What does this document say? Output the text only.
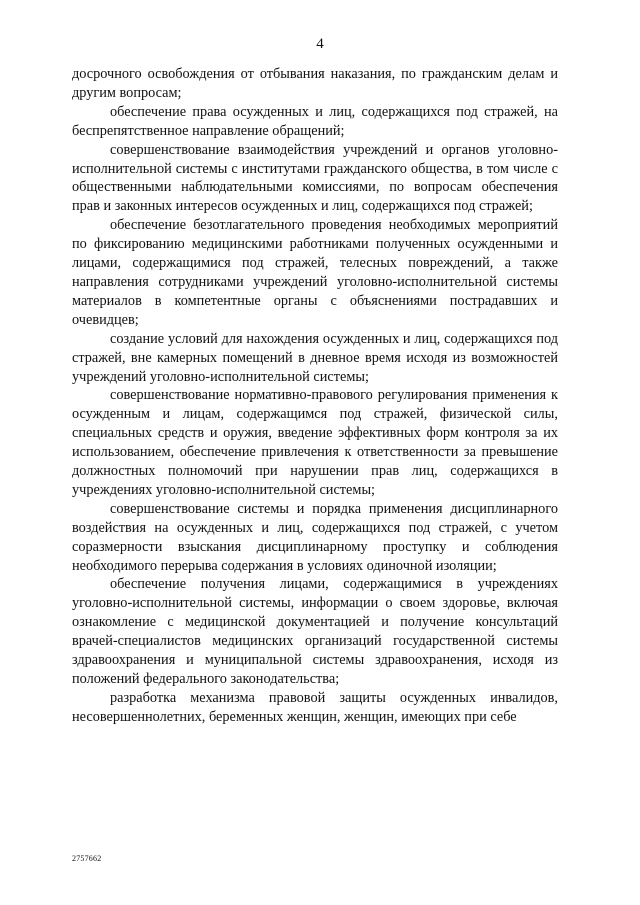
4

досрочного освобождения от отбывания наказания, по гражданским делам и другим вопросам;

обеспечение права осужденных и лиц, содержащихся под стражей, на беспрепятственное направление обращений;

совершенствование взаимодействия учреждений и органов уголовно-исполнительной системы с институтами гражданского общества, в том числе с общественными наблюдательными комиссиями, по вопросам обеспечения прав и законных интересов осужденных и лиц, содержащихся под стражей;

обеспечение безотлагательного проведения необходимых мероприятий по фиксированию медицинскими работниками полученных осужденными и лицами, содержащимися под стражей, телесных повреждений, а также направления сотрудниками учреждений уголовно-исполнительной системы материалов в компетентные органы с объяснениями пострадавших и очевидцев;

создание условий для нахождения осужденных и лиц, содержащихся под стражей, вне камерных помещений в дневное время исходя из возможностей учреждений уголовно-исполнительной системы;

совершенствование нормативно-правового регулирования применения к осужденным и лицам, содержащимся под стражей, физической силы, специальных средств и оружия, введение эффективных форм контроля за их использованием, обеспечение привлечения к ответственности за превышение должностных полномочий при нарушении прав лиц, содержащихся в учреждениях уголовно-исполнительной системы;

совершенствование системы и порядка применения дисциплинарного воздействия на осужденных и лиц, содержащихся под стражей, с учетом соразмерности взыскания дисциплинарному проступку и соблюдения необходимого перерыва содержания в условиях одиночной изоляции;

обеспечение получения лицами, содержащимися в учреждениях уголовно-исполнительной системы, информации о своем здоровье, включая ознакомление с медицинской документацией и получение консультаций врачей-специалистов медицинских организаций государственной системы здравоохранения и муниципальной системы здравоохранения, исходя из положений федерального законодательства;

разработка механизма правовой защиты осужденных инвалидов, несовершеннолетних, беременных женщин, женщин, имеющих при себе

2757662
